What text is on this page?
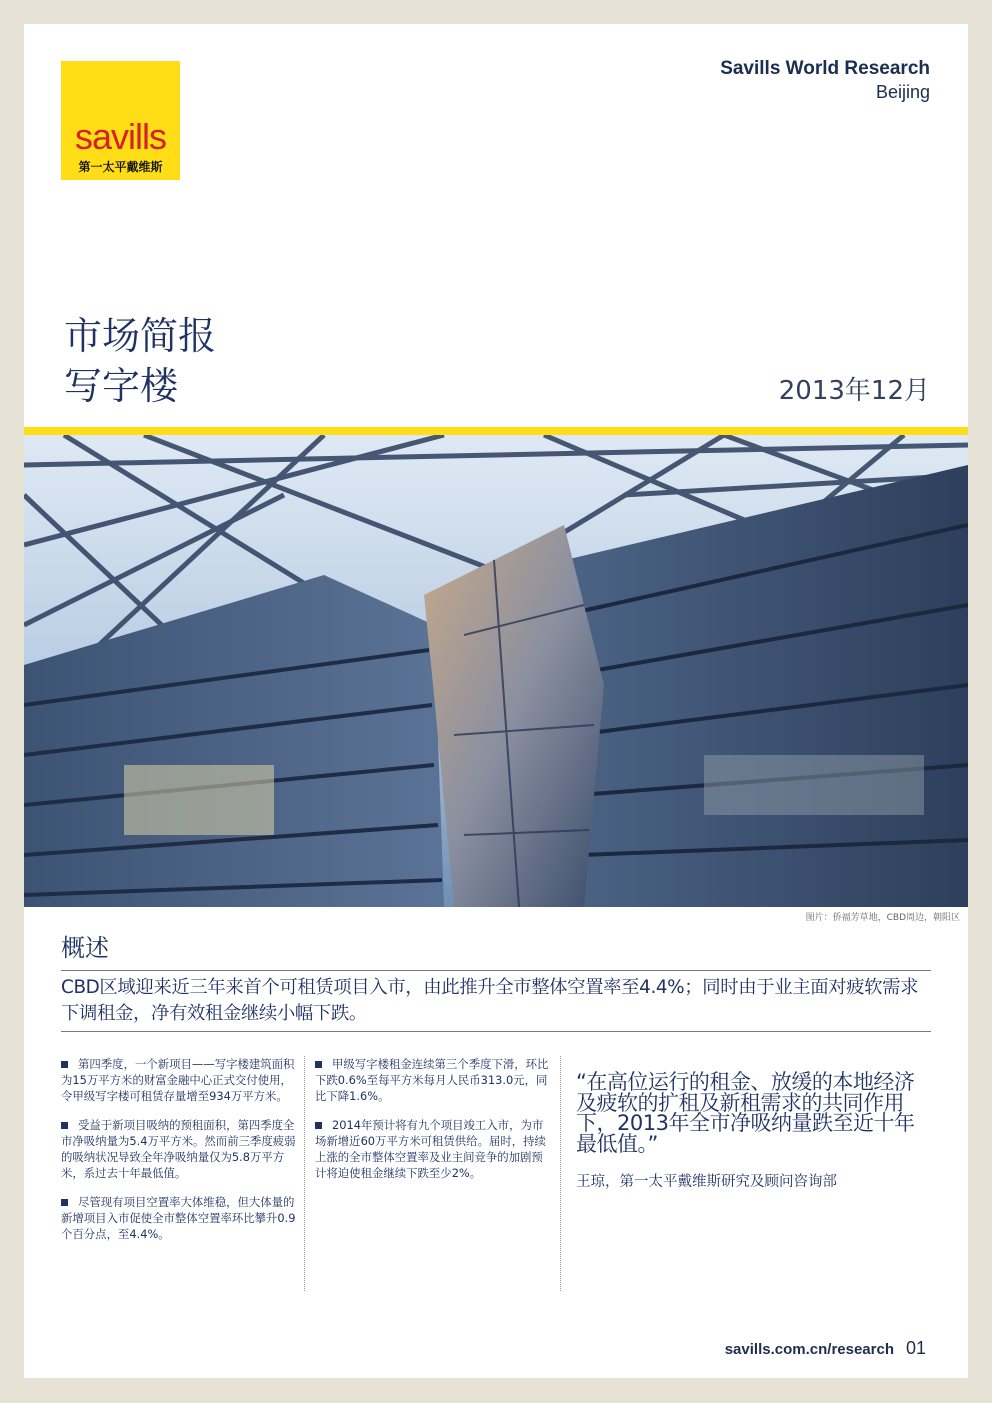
savills
第一太平戴维斯
Savills World Research
Beijing
市场简报
写字楼	2013年12月
图片：侨福芳草地，CBD周边，朝阳区
概述
CBD区域迎来近三年来首个可租赁项目入市，由此推升全市整体空置率至4.4%；同时由于业主面对疲软需求下调租金，净有效租金继续小幅下跌。

第四季度，一个新项目——写字楼建筑面积为15万平方米的财富金融中心正式交付使用，令甲级写字楼可租赁存量增至934万平方米。

受益于新项目吸纳的预租面积，第四季度全市净吸纳量为5.4万平方米。然而前三季度疲弱的吸纳状况导致全年净吸纳量仅为5.8万平方米，系过去十年最低值。

尽管现有项目空置率大体维稳，但大体量的新增项目入市促使全市整体空置率环比攀升0.9个百分点，至4.4%。

甲级写字楼租金连续第三个季度下滑，环比下跌0.6%至每平方米每月人民币313.0元，同比下降1.6%。

2014年预计将有九个项目竣工入市，为市场新增近60万平方米可租赁供给。届时，持续上涨的全市整体空置率及业主间竞争的加剧预计将迫使租金继续下跌至少2%。

“在高位运行的租金、放缓的本地经济及疲软的扩租及新租需求的共同作用下，2013年全市净吸纳量跌至近十年最低值。”
王琼，第一太平戴维斯研究及顾问咨询部
savills.com.cn/research 01
